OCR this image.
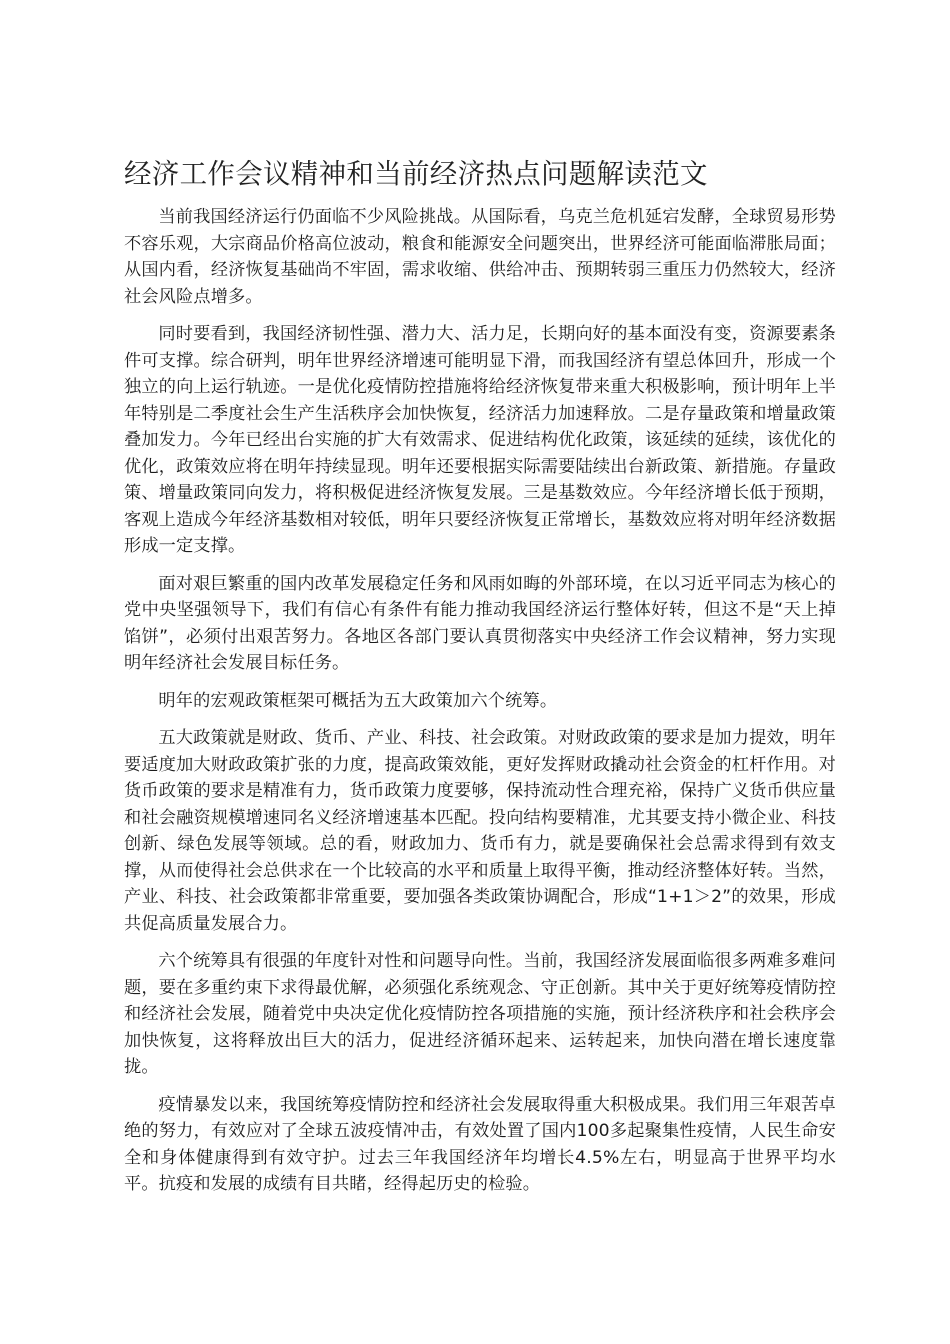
经济工作会议精神和当前经济热点问题解读范文

当前我国经济运行仍面临不少风险挑战。从国际看，乌克兰危机延宕发酵，全球贸易形势不容乐观，大宗商品价格高位波动，粮食和能源安全问题突出，世界经济可能面临滞胀局面；从国内看，经济恢复基础尚不牢固，需求收缩、供给冲击、预期转弱三重压力仍然较大，经济社会风险点增多。

同时要看到，我国经济韧性强、潜力大、活力足，长期向好的基本面没有变，资源要素条件可支撑。综合研判，明年世界经济增速可能明显下滑，而我国经济有望总体回升，形成一个独立的向上运行轨迹。一是优化疫情防控措施将给经济恢复带来重大积极影响，预计明年上半年特别是二季度社会生产生活秩序会加快恢复，经济活力加速释放。二是存量政策和增量政策叠加发力。今年已经出台实施的扩大有效需求、促进结构优化政策，该延续的延续，该优化的优化，政策效应将在明年持续显现。明年还要根据实际需要陆续出台新政策、新措施。存量政策、增量政策同向发力，将积极促进经济恢复发展。三是基数效应。今年经济增长低于预期，客观上造成今年经济基数相对较低，明年只要经济恢复正常增长，基数效应将对明年经济数据形成一定支撑。

面对艰巨繁重的国内改革发展稳定任务和风雨如晦的外部环境，在以习近平同志为核心的党中央坚强领导下，我们有信心有条件有能力推动我国经济运行整体好转，但这不是“天上掉馅饼”，必须付出艰苦努力。各地区各部门要认真贯彻落实中央经济工作会议精神，努力实现明年经济社会发展目标任务。

明年的宏观政策框架可概括为五大政策加六个统筹。

五大政策就是财政、货币、产业、科技、社会政策。对财政政策的要求是加力提效，明年要适度加大财政政策扩张的力度，提高政策效能，更好发挥财政撬动社会资金的杠杆作用。对货币政策的要求是精准有力，货币政策力度要够，保持流动性合理充裕，保持广义货币供应量和社会融资规模增速同名义经济增速基本匹配。投向结构要精准，尤其要支持小微企业、科技创新、绿色发展等领域。总的看，财政加力、货币有力，就是要确保社会总需求得到有效支撑，从而使得社会总供求在一个比较高的水平和质量上取得平衡，推动经济整体好转。当然，产业、科技、社会政策都非常重要，要加强各类政策协调配合，形成“1+1＞2”的效果，形成共促高质量发展合力。

六个统筹具有很强的年度针对性和问题导向性。当前，我国经济发展面临很多两难多难问题，要在多重约束下求得最优解，必须强化系统观念、守正创新。其中关于更好统筹疫情防控和经济社会发展，随着党中央决定优化疫情防控各项措施的实施，预计经济秩序和社会秩序会加快恢复，这将释放出巨大的活力，促进经济循环起来、运转起来，加快向潜在增长速度靠拢。

疫情暴发以来，我国统筹疫情防控和经济社会发展取得重大积极成果。我们用三年艰苦卓绝的努力，有效应对了全球五波疫情冲击，有效处置了国内100多起聚集性疫情，人民生命安全和身体健康得到有效守护。过去三年我国经济年均增长4.5%左右，明显高于世界平均水平。抗疫和发展的成绩有目共睹，经得起历史的检验。
